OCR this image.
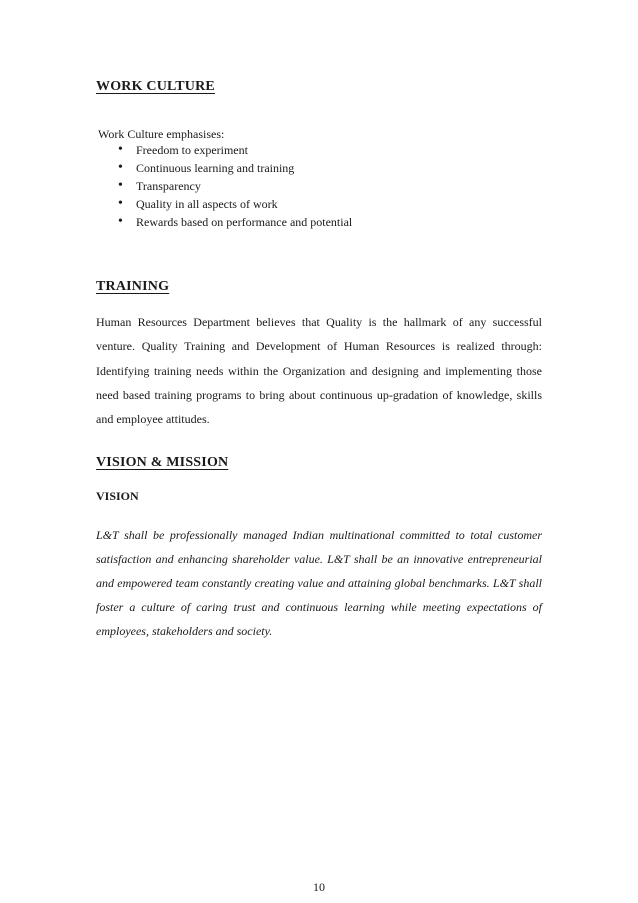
WORK CULTURE
Work Culture emphasises:
• Freedom to experiment
• Continuous learning and training
• Transparency
• Quality in all aspects of work
• Rewards based on performance and potential
TRAINING
Human Resources Department believes that Quality is the hallmark of any successful venture. Quality Training and Development of Human Resources is realized through: Identifying training needs within the Organization and designing and implementing those need based training programs to bring about continuous up-gradation of knowledge, skills and employee attitudes.
VISION & MISSION
VISION
L&T shall be professionally managed Indian multinational committed to total customer satisfaction and enhancing shareholder value. L&T shall be an innovative entrepreneurial and empowered team constantly creating value and attaining global benchmarks. L&T shall foster a culture of caring trust and continuous learning while meeting expectations of employees, stakeholders and society.
10
